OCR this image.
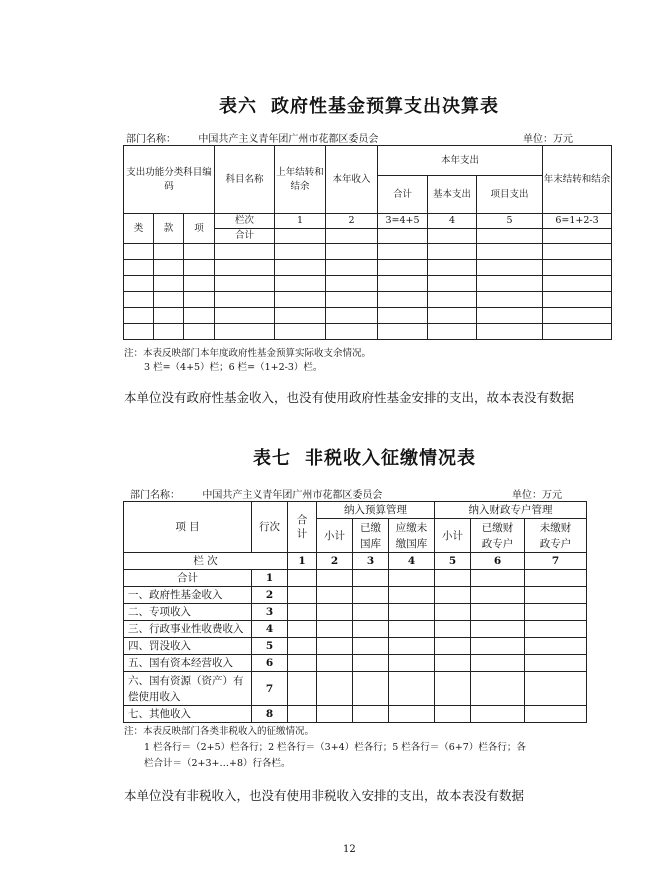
表六 政府性基金预算支出决算表
部门名称： 中国共产主义青年团广州市花都区委员会	单位：万元
支出功能分类科目编码			科目名称	上年结转和结余	本年收入	本年支出			年末结转和结余
						合计	基本支出	项目支出	

类	款	项	栏次	1	2	3=4+5	4	5	6=1+2-3
			合计						

注：本表反映部门本年度政府性基金预算实际收支余情况。
3 栏=（4+5）栏；6 栏=（1+2-3）栏。
本单位没有政府性基金收入，也没有使用政府性基金安排的支出，故本表没有数据
表七 非税收入征缴情况表
部门名称： 中国共产主义青年团广州市花都区委员会	单位：万元
项 目	行次	合计	纳入预算管理			纳入财政专户管理		
			小计	已缴国库	应缴未缴国库	小计	已缴财政专户	未缴财政专户
栏 次		1	2	3	4	5	6	7
合计	1							
一、政府性基金收入	2							
二、专项收入	3							
三、行政事业性收费收入	4							
四、罚没收入	5							
五、国有资本经营收入	6							
六、国有资源（资产）有偿使用收入	7							
七、其他收入	8							
注：本表反映部门各类非税收入的征缴情况。
1 栏各行＝（2+5）栏各行；2 栏各行＝（3+4）栏各行；5 栏各行＝（6+7）栏各行；各
栏合计＝（2+3+…+8）行各栏。
本单位没有非税收入，也没有使用非税收入安排的支出，故本表没有数据
12
